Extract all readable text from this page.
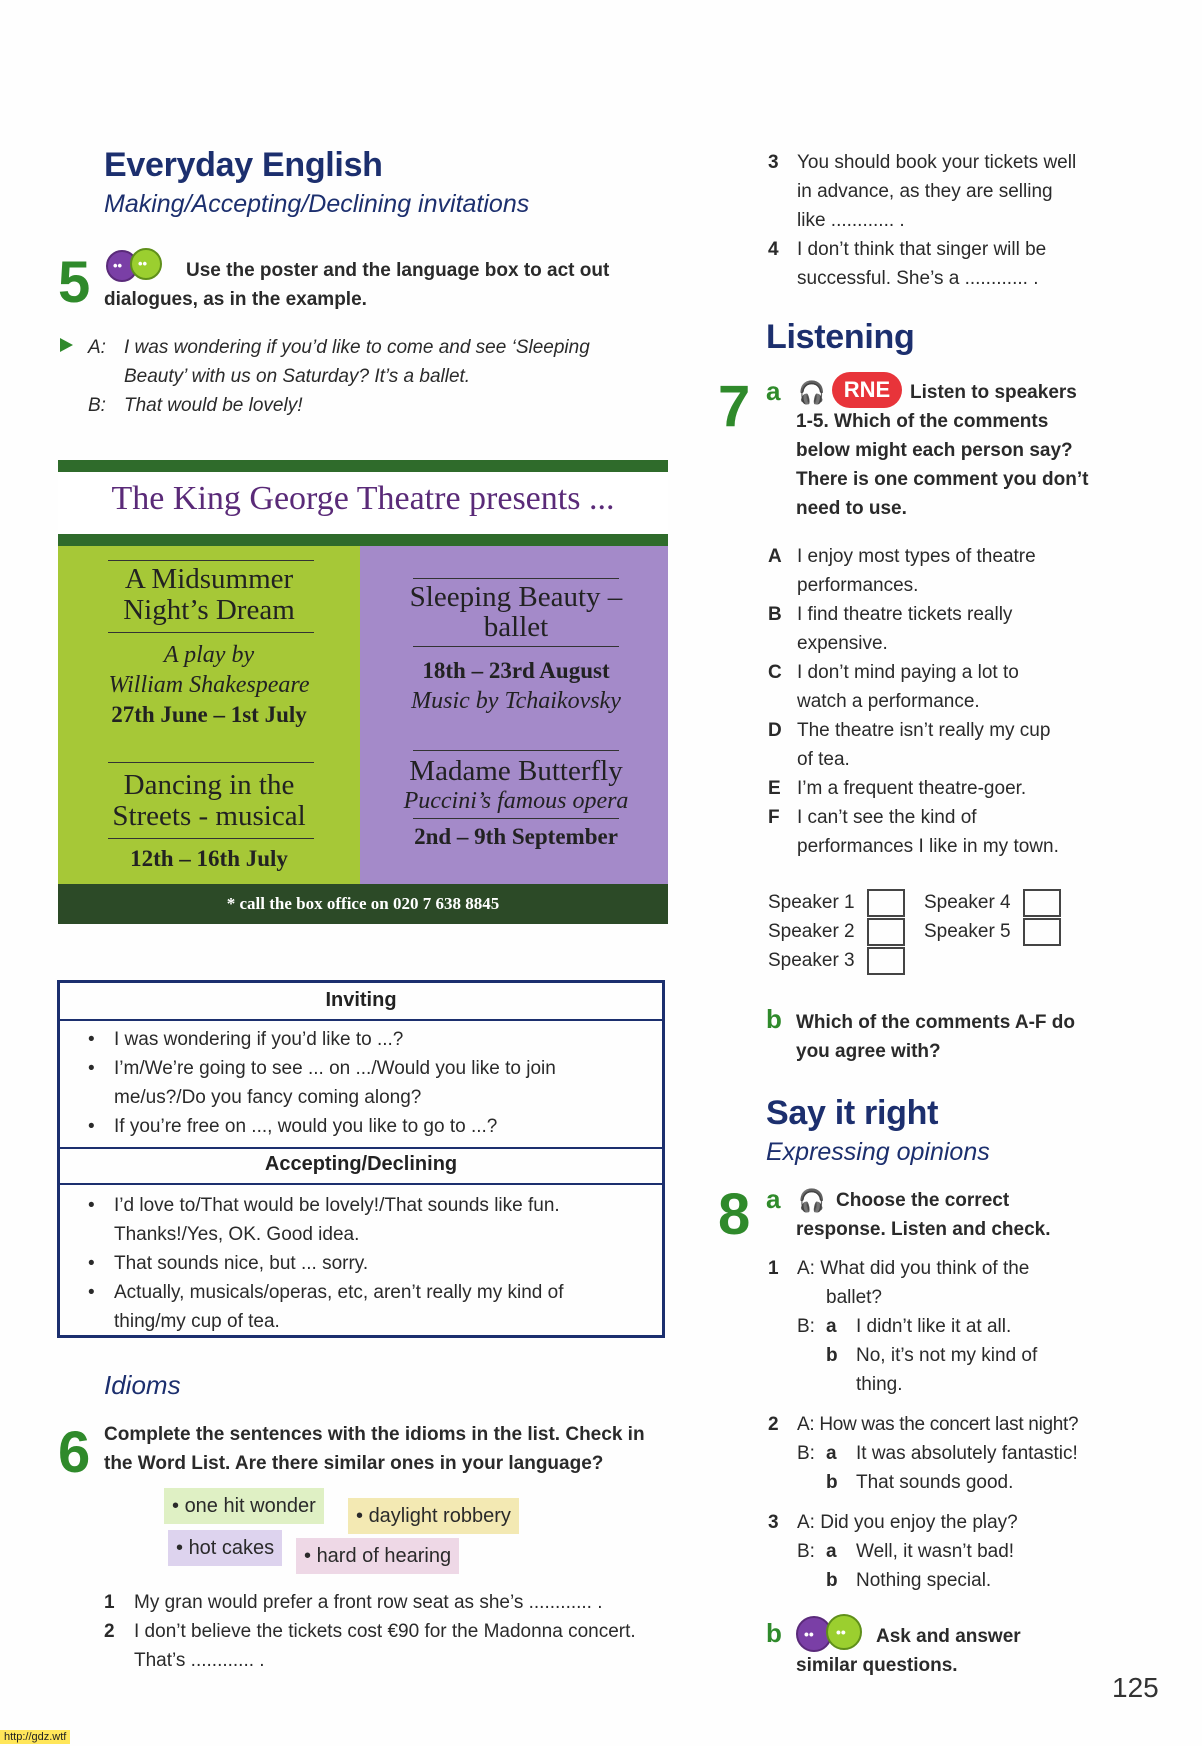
Everyday English
Making/Accepting/Declining invitations
5 •• •• Use the poster and the language box to act out
dialogues, as in the example.
A: I was wondering if you’d like to come and see ‘Sleeping
Beauty’ with us on Saturday? It’s a ballet.
B: That would be lovely!
The King George Theatre presents ...
A Midsummer
Night’s Dream
A play by
William Shakespeare
27th June – 1st July
Dancing in the
Streets - musical
12th – 16th July
Sleeping Beauty –
ballet
18th – 23rd August
Music by Tchaikovsky
Madame Butterfly
Puccini’s famous opera
2nd – 9th September
* call the box office on 020 7 638 8845
Inviting
• I was wondering if you’d like to ...?
• I’m/We’re going to see ... on .../Would you like to join
me/us?/Do you fancy coming along?
• If you’re free on ..., would you like to go to ...?
Accepting/Declining
• I’d love to/That would be lovely!/That sounds like fun.
Thanks!/Yes, OK. Good idea.
• That sounds nice, but ... sorry.
• Actually, musicals/operas, etc, aren’t really my kind of
thing/my cup of tea.
Idioms
6 Complete the sentences with the idioms in the list. Check in
the Word List. Are there similar ones in your language?
• one hit wonder	• daylight robbery
• hot cakes	• hard of hearing
1 My gran would prefer a front row seat as she’s ............ .
2 I don’t believe the tickets cost €90 for the Madonna concert.
That’s ............ .
3 You should book your tickets well
in advance, as they are selling
like ............ .
4 I don’t think that singer will be
successful. She’s a ............ .
Listening
7 a 🎧 RNE	Listen to speakers
1-5. Which of the comments
below might each person say?
There is one comment you don’t
need to use.
A I enjoy most types of theatre
performances.
B I find theatre tickets really
expensive.
C I don’t mind paying a lot to
watch a performance.
D The theatre isn’t really my cup
of tea.
E I’m a frequent theatre-goer.
F I can’t see the kind of
performances I like in my town.
Speaker 1
Speaker 2
Speaker 3
Speaker 4
Speaker 5
b Which of the comments A-F do
you agree with?
Say it right
Expressing opinions
8 a 🎧 Choose the correct
response. Listen and check.
1 A: What did you think of the
ballet?
B: a I didn’t like it at all.
b No, it’s not my kind of
thing.
2 A: How was the concert last night?
B: a It was absolutely fantastic!
b That sounds good.
3 A: Did you enjoy the play?
B: a Well, it wasn’t bad!
b Nothing special.
b •• •• Ask and answer
similar questions.
125
http://gdz.wtf
